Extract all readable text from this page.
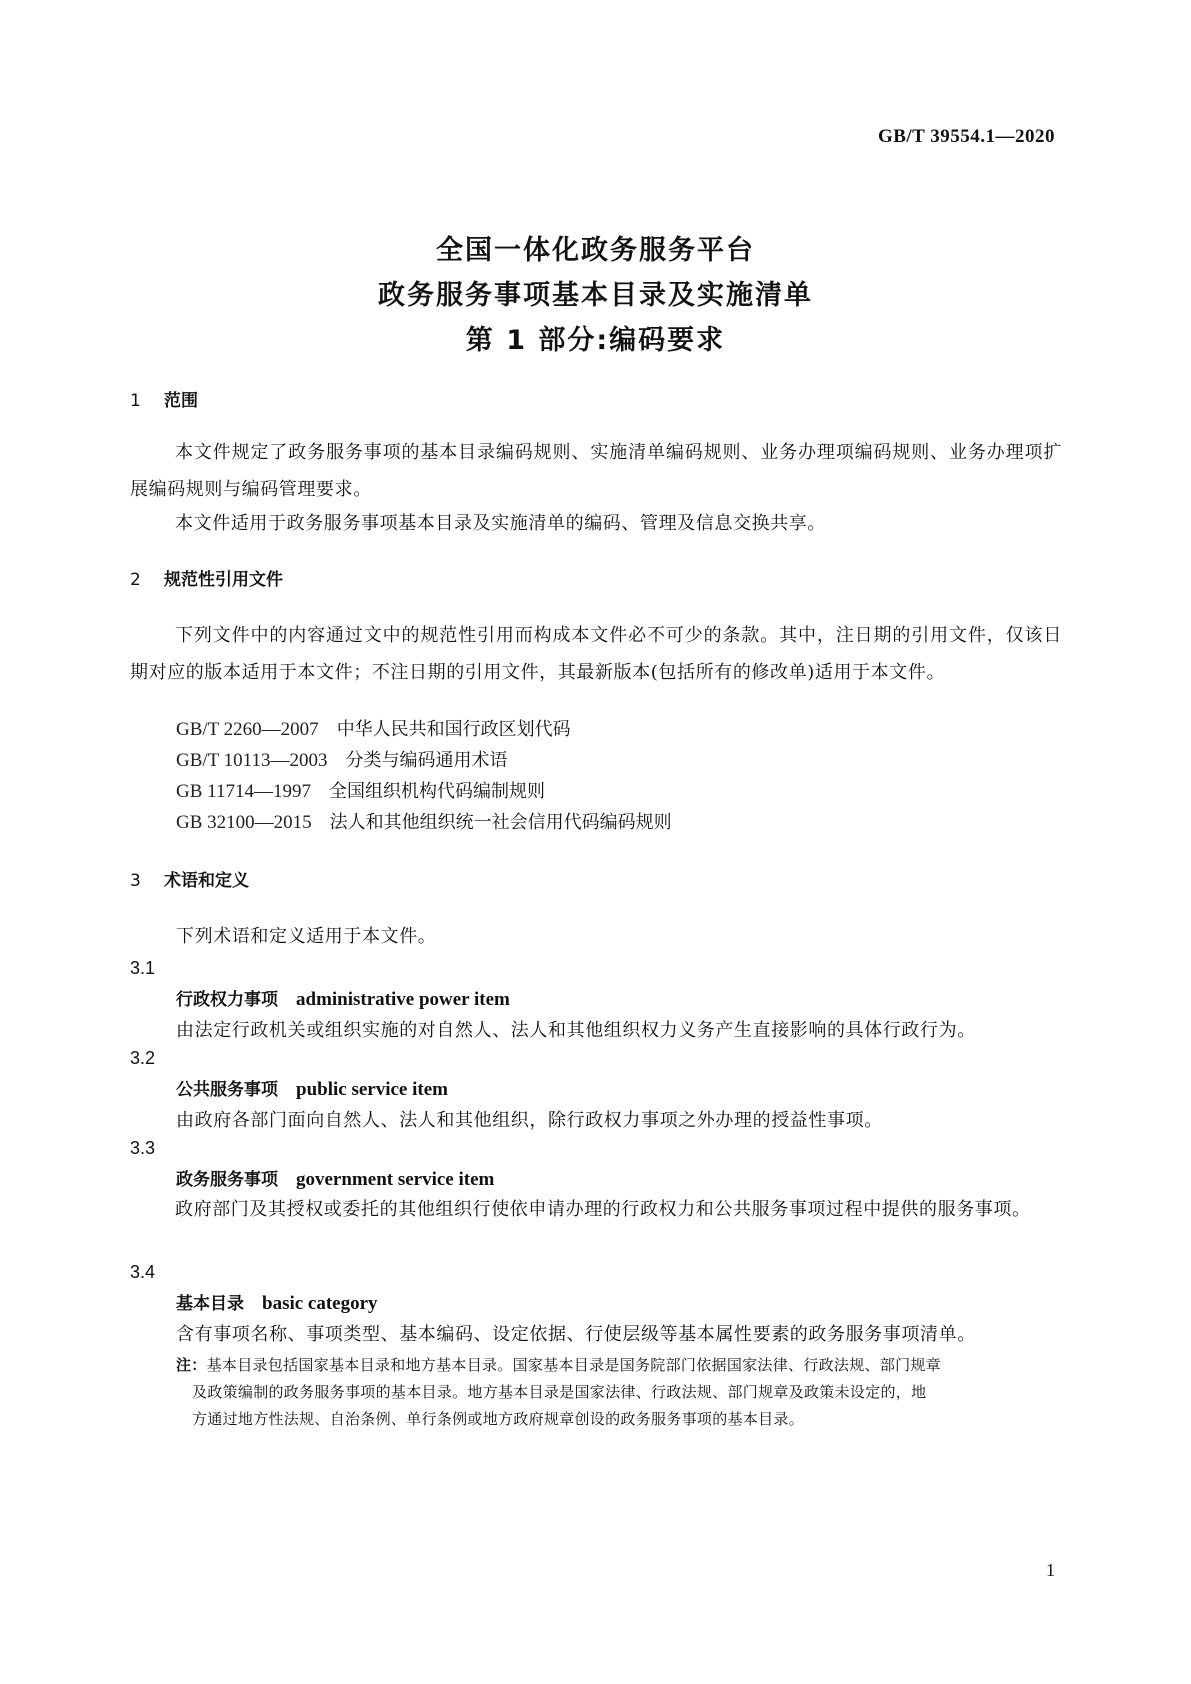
GB/T 39554.1—2020
全国一体化政务服务平台
政务服务事项基本目录及实施清单
第 1 部分:编码要求
1 范围
本文件规定了政务服务事项的基本目录编码规则、实施清单编码规则、业务办理项编码规则、业务办理项扩展编码规则与编码管理要求。
本文件适用于政务服务事项基本目录及实施清单的编码、管理及信息交换共享。
2 规范性引用文件
下列文件中的内容通过文中的规范性引用而构成本文件必不可少的条款。其中，注日期的引用文件，仅该日期对应的版本适用于本文件；不注日期的引用文件，其最新版本(包括所有的修改单)适用于本文件。
GB/T 2260—2007 中华人民共和国行政区划代码
GB/T 10113—2003 分类与编码通用术语
GB 11714—1997 全国组织机构代码编制规则
GB 32100—2015 法人和其他组织统一社会信用代码编码规则
3 术语和定义
下列术语和定义适用于本文件。
3.1
行政权力事项 administrative power item
由法定行政机关或组织实施的对自然人、法人和其他组织权力义务产生直接影响的具体行政行为。
3.2
公共服务事项 public service item
由政府各部门面向自然人、法人和其他组织，除行政权力事项之外办理的授益性事项。
3.3
政务服务事项 government service item
政府部门及其授权或委托的其他组织行使依申请办理的行政权力和公共服务事项过程中提供的服务事项。
3.4
基本目录 basic category
含有事项名称、事项类型、基本编码、设定依据、行使层级等基本属性要素的政务服务事项清单。
注：基本目录包括国家基本目录和地方基本目录。国家基本目录是国务院部门依据国家法律、行政法规、部门规章
及政策编制的政务服务事项的基本目录。地方基本目录是国家法律、行政法规、部门规章及政策未设定的，地
方通过地方性法规、自治条例、单行条例或地方政府规章创设的政务服务事项的基本目录。
1
